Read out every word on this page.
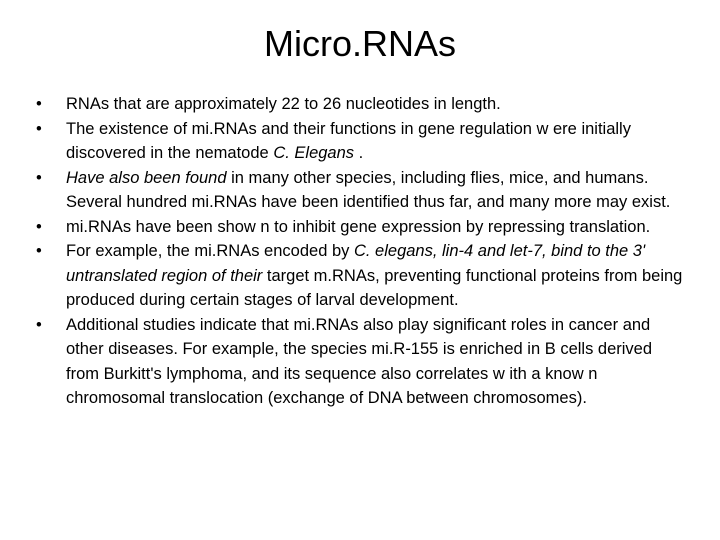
Micro.RNAs
•	RNAs that are approximately 22 to 26 nucleotides in length.
•	The existence of mi.RNAs and their functions in gene regulation w ere initially discovered in the nematode C. Elegans .
•	Have also been found in many other species, including flies, mice, and humans. Several hundred mi.RNAs have been identified thus far, and many more may exist.
•	mi.RNAs have been show n to inhibit gene expression by repressing translation.
•	For example, the mi.RNAs encoded by C. elegans, lin-4 and let-7, bind to the 3' untranslated region of their target m.RNAs, preventing functional proteins from being produced during certain stages of larval development.
•	Additional studies indicate that mi.RNAs also play significant roles in cancer and other diseases. For example, the species mi.R-155 is enriched in B cells derived from Burkitt's lymphoma, and its sequence also correlates w ith a know n chromosomal translocation (exchange of DNA between chromosomes).
